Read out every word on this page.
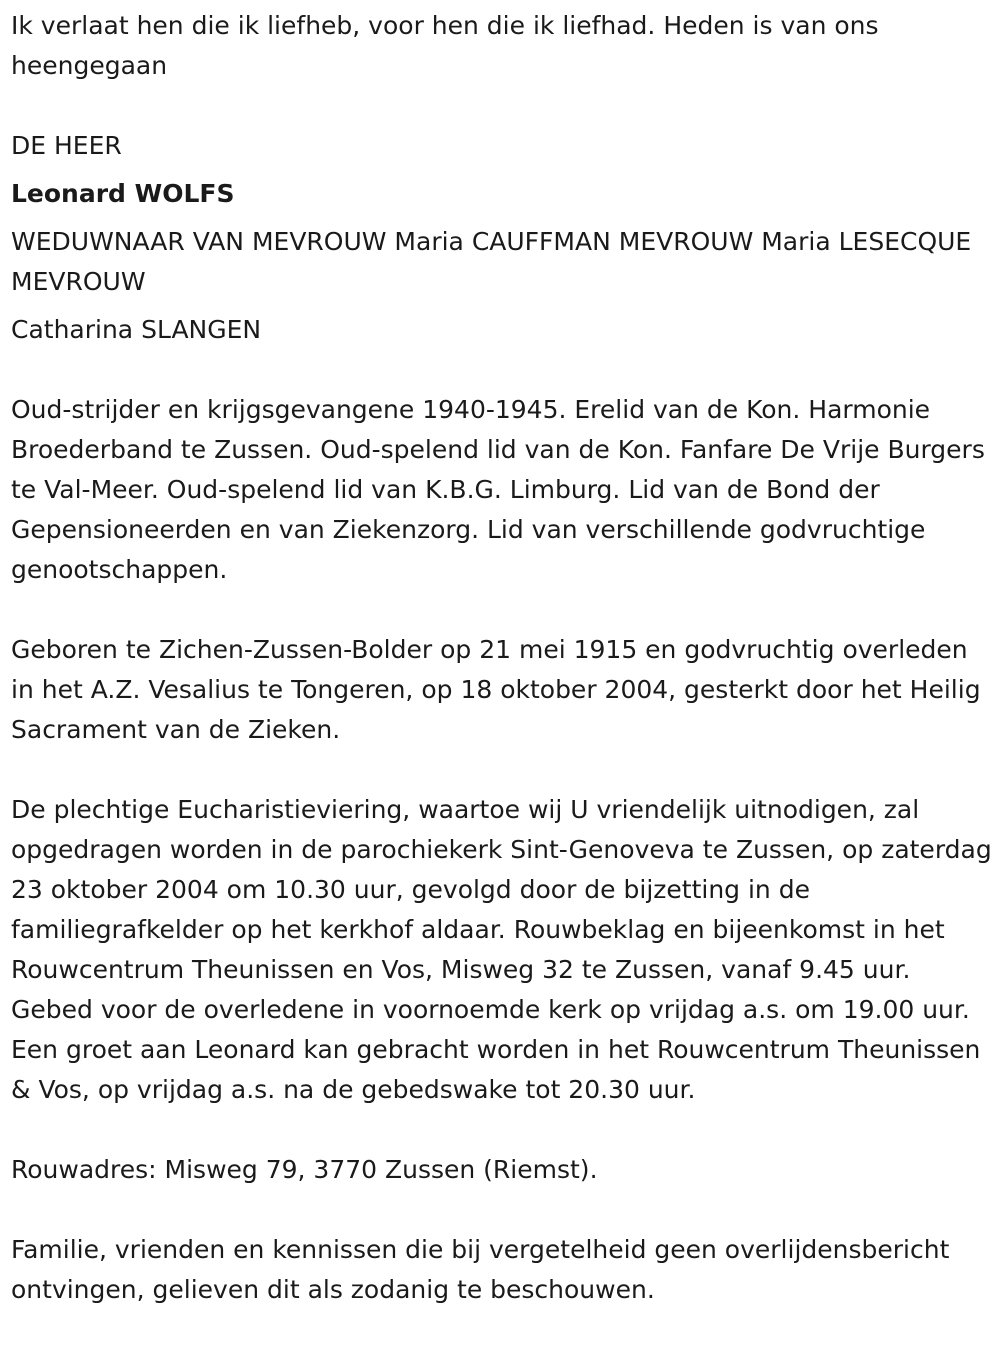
Ik verlaat hen die ik liefheb, voor hen die ik liefhad. Heden is van ons heengegaan

DE HEER

Leonard WOLFS

WEDUWNAAR VAN MEVROUW Maria CAUFFMAN MEVROUW Maria LESECQUE MEVROUW

Catharina SLANGEN

Oud-strijder en krijgsgevangene 1940-1945. Erelid van de Kon. Harmonie Broederband te Zussen. Oud-spelend lid van de Kon. Fanfare De Vrije Burgers te Val-Meer. Oud-spelend lid van K.B.G. Limburg. Lid van de Bond der Gepensioneerden en van Ziekenzorg. Lid van verschillende godvruchtige genootschappen.

Geboren te Zichen-Zussen-Bolder op 21 mei 1915 en godvruchtig overleden in het A.Z. Vesalius te Tongeren, op 18 oktober 2004, gesterkt door het Heilig Sacrament van de Zieken.

De plechtige Eucharistieviering, waartoe wij U vriendelijk uitnodigen, zal opgedragen worden in de parochiekerk Sint-Genoveva te Zussen, op zaterdag 23 oktober 2004 om 10.30 uur, gevolgd door de bijzetting in de familiegrafkelder op het kerkhof aldaar. Rouwbeklag en bijeenkomst in het Rouwcentrum Theunissen en Vos, Misweg 32 te Zussen, vanaf 9.45 uur. Gebed voor de overledene in voornoemde kerk op vrijdag a.s. om 19.00 uur. Een groet aan Leonard kan gebracht worden in het Rouwcentrum Theunissen & Vos, op vrijdag a.s. na de gebedswake tot 20.30 uur.

Rouwadres: Misweg 79, 3770 Zussen (Riemst).

Familie, vrienden en kennissen die bij vergetelheid geen overlijdensbericht ontvingen, gelieven dit als zodanig te beschouwen.
